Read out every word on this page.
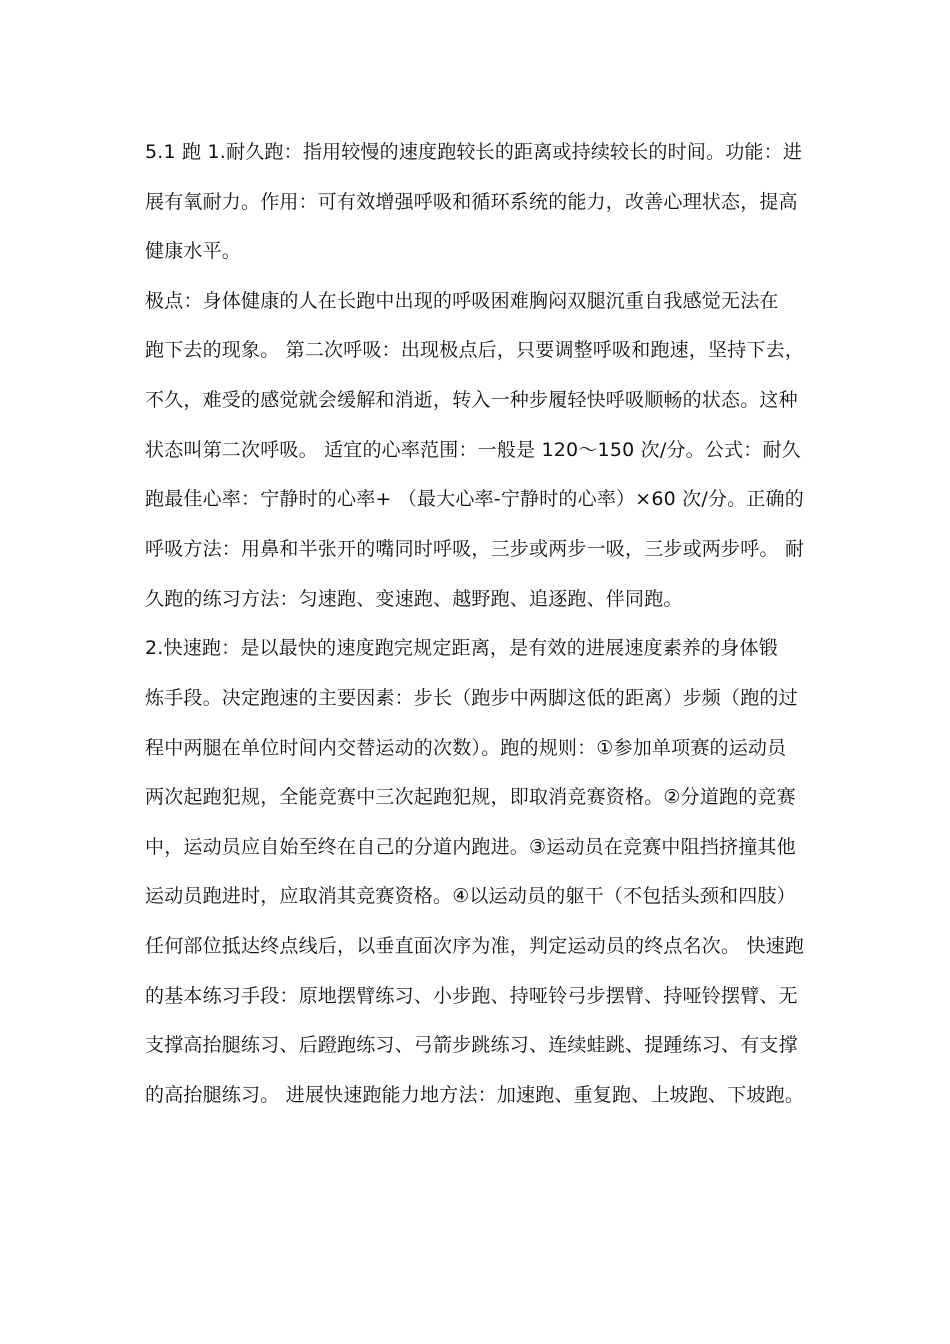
5.1 跑 1.耐久跑：指用较慢的速度跑较长的距离或持续较长的时间。功能：进
展有氧耐力。作用：可有效增强呼吸和循环系统的能力，改善心理状态，提高
健康水平。
极点：身体健康的人在长跑中出现的呼吸困难胸闷双腿沉重自我感觉无法在
跑下去的现象。 第二次呼吸：出现极点后，只要调整呼吸和跑速，坚持下去，
不久，难受的感觉就会缓解和消逝，转入一种步履轻快呼吸顺畅的状态。这种
状态叫第二次呼吸。 适宜的心率范围：一般是 120～150 次/分。公式：耐久
跑最佳心率：宁静时的心率+ （最大心率-宁静时的心率）×60 次/分。正确的
呼吸方法：用鼻和半张开的嘴同时呼吸，三步或两步一吸，三步或两步呼。 耐
久跑的练习方法：匀速跑、变速跑、越野跑、追逐跑、伴同跑。
2.快速跑：是以最快的速度跑完规定距离，是有效的进展速度素养的身体锻
炼手段。决定跑速的主要因素：步长（跑步中两脚这低的距离）步频（跑的过
程中两腿在单位时间内交替运动的次数）。跑的规则：①参加单项赛的运动员
两次起跑犯规，全能竞赛中三次起跑犯规，即取消竞赛资格。②分道跑的竞赛
中，运动员应自始至终在自己的分道内跑进。③运动员在竞赛中阻挡挤撞其他
运动员跑进时，应取消其竞赛资格。④以运动员的躯干（不包括头颈和四肢）
任何部位抵达终点线后，以垂直面次序为准，判定运动员的终点名次。 快速跑
的基本练习手段：原地摆臂练习、小步跑、持哑铃弓步摆臂、持哑铃摆臂、无
支撑高抬腿练习、后蹬跑练习、弓箭步跳练习、连续蛙跳、提踵练习、有支撑
的高抬腿练习。 进展快速跑能力地方法：加速跑、重复跑、上坡跑、下坡跑。
